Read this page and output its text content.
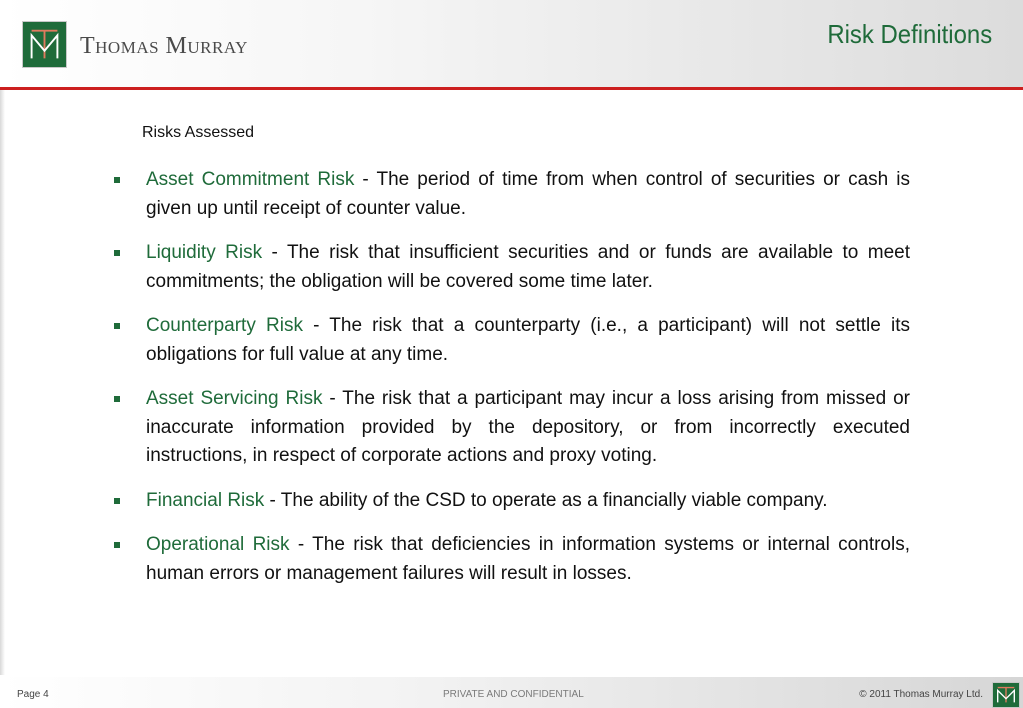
Thomas Murray	Risk Definitions
Risks Assessed
Asset Commitment Risk - The period of time from when control of securities or cash is given up until receipt of counter value.
Liquidity Risk - The risk that insufficient securities and or funds are available to meet commitments; the obligation will be covered some time later.
Counterparty Risk - The risk that a counterparty (i.e., a participant) will not settle its obligations for full value at any time.
Asset Servicing Risk - The risk that a participant may incur a loss arising from missed or inaccurate information provided by the depository, or from incorrectly executed instructions, in respect of corporate actions and proxy voting.
Financial Risk - The ability of the CSD to operate as a financially viable company.
Operational Risk - The risk that deficiencies in information systems or internal controls, human errors or management failures will result in losses.
Page 4	PRIVATE AND CONFIDENTIAL	© 2011 Thomas Murray Ltd.
